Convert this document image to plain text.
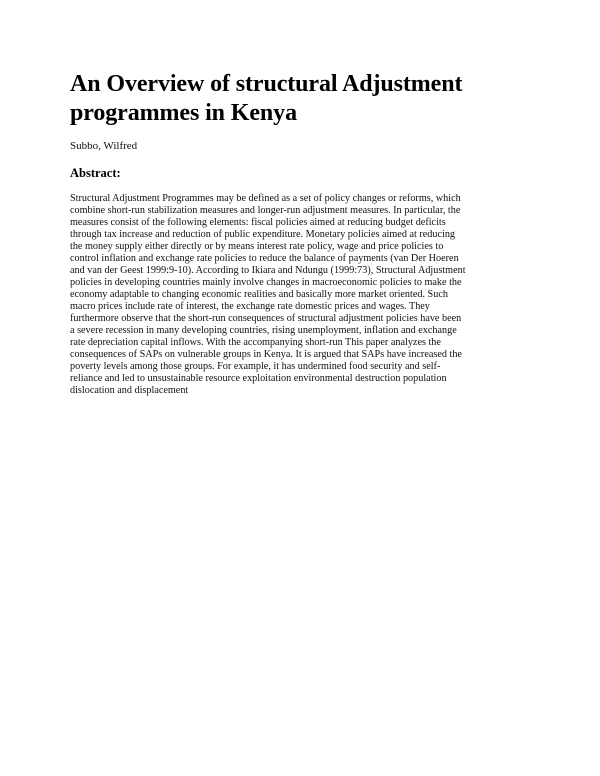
An Overview of structural Adjustment
programmes in Kenya

Subbo, Wilfred

Abstract:

Structural Adjustment Programmes may be defined as a set of policy changes or reforms, which
combine short-run stabilization measures and longer-run adjustment measures. In particular, the
measures consist of the following elements: fiscal policies aimed at reducing budget deficits
through tax increase and reduction of public expenditure. Monetary policies aimed at reducing
the money supply either directly or by means interest rate policy, wage and price policies to
control inflation and exchange rate policies to reduce the balance of payments (van Der Hoeren
and van der Geest 1999:9-10). According to Ikiara and Ndungu (1999:73), Structural Adjustment
policies in developing countries mainly involve changes in macroeconomic policies to make the
economy adaptable to changing economic realities and basically more market oriented. Such
macro prices include rate of interest, the exchange rate domestic prices and wages. They
furthermore observe that the short-run consequences of structural adjustment policies have been
a severe recession in many developing countries, rising unemployment, inflation and exchange
rate depreciation capital inflows. With the accompanying short-run This paper analyzes the
consequences of SAPs on vulnerable groups in Kenya. It is argued that SAPs have increased the
poverty levels among those groups. For example, it has undermined food security and self-
reliance and led to unsustainable resource exploitation environmental destruction population
dislocation and displacement
